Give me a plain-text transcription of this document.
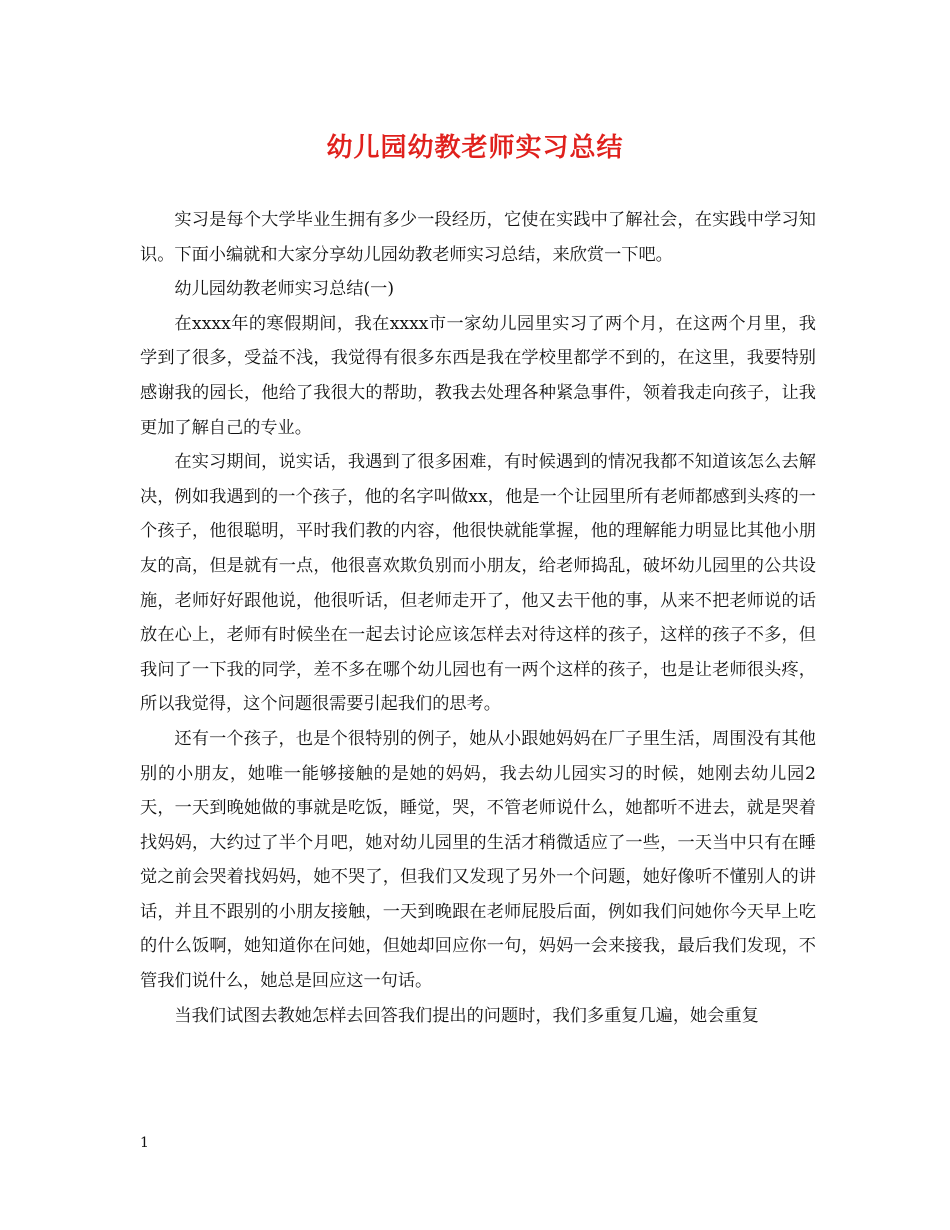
幼儿园幼教老师实习总结

实习是每个大学毕业生拥有多少一段经历，它使在实践中了解社会，在实践中学习知识。下面小编就和大家分享幼儿园幼教老师实习总结，来欣赏一下吧。

幼儿园幼教老师实习总结(一)

在xxxx年的寒假期间，我在xxxx市一家幼儿园里实习了两个月，在这两个月里，我学到了很多，受益不浅，我觉得有很多东西是我在学校里都学不到的，在这里，我要特别感谢我的园长，他给了我很大的帮助，教我去处理各种紧急事件，领着我走向孩子，让我更加了解自己的专业。

在实习期间，说实话，我遇到了很多困难，有时候遇到的情况我都不知道该怎么去解决，例如我遇到的一个孩子，他的名字叫做xx，他是一个让园里所有老师都感到头疼的一个孩子，他很聪明，平时我们教的内容，他很快就能掌握，他的理解能力明显比其他小朋友的高，但是就有一点，他很喜欢欺负别而小朋友，给老师捣乱，破坏幼儿园里的公共设施，老师好好跟他说，他很听话，但老师走开了，他又去干他的事，从来不把老师说的话放在心上，老师有时候坐在一起去讨论应该怎样去对待这样的孩子，这样的孩子不多，但我问了一下我的同学，差不多在哪个幼儿园也有一两个这样的孩子，也是让老师很头疼，所以我觉得，这个问题很需要引起我们的思考。

还有一个孩子，也是个很特别的例子，她从小跟她妈妈在厂子里生活，周围没有其他别的小朋友，她唯一能够接触的是她的妈妈，我去幼儿园实习的时候，她刚去幼儿园2天，一天到晚她做的事就是吃饭，睡觉，哭，不管老师说什么，她都听不进去，就是哭着找妈妈，大约过了半个月吧，她对幼儿园里的生活才稍微适应了一些，一天当中只有在睡觉之前会哭着找妈妈，她不哭了，但我们又发现了另外一个问题，她好像听不懂别人的讲话，并且不跟别的小朋友接触，一天到晚跟在老师屁股后面，例如我们问她你今天早上吃的什么饭啊，她知道你在问她，但她却回应你一句，妈妈一会来接我，最后我们发现，不管我们说什么，她总是回应这一句话。

当我们试图去教她怎样去回答我们提出的问题时，我们多重复几遍，她会重复

1
